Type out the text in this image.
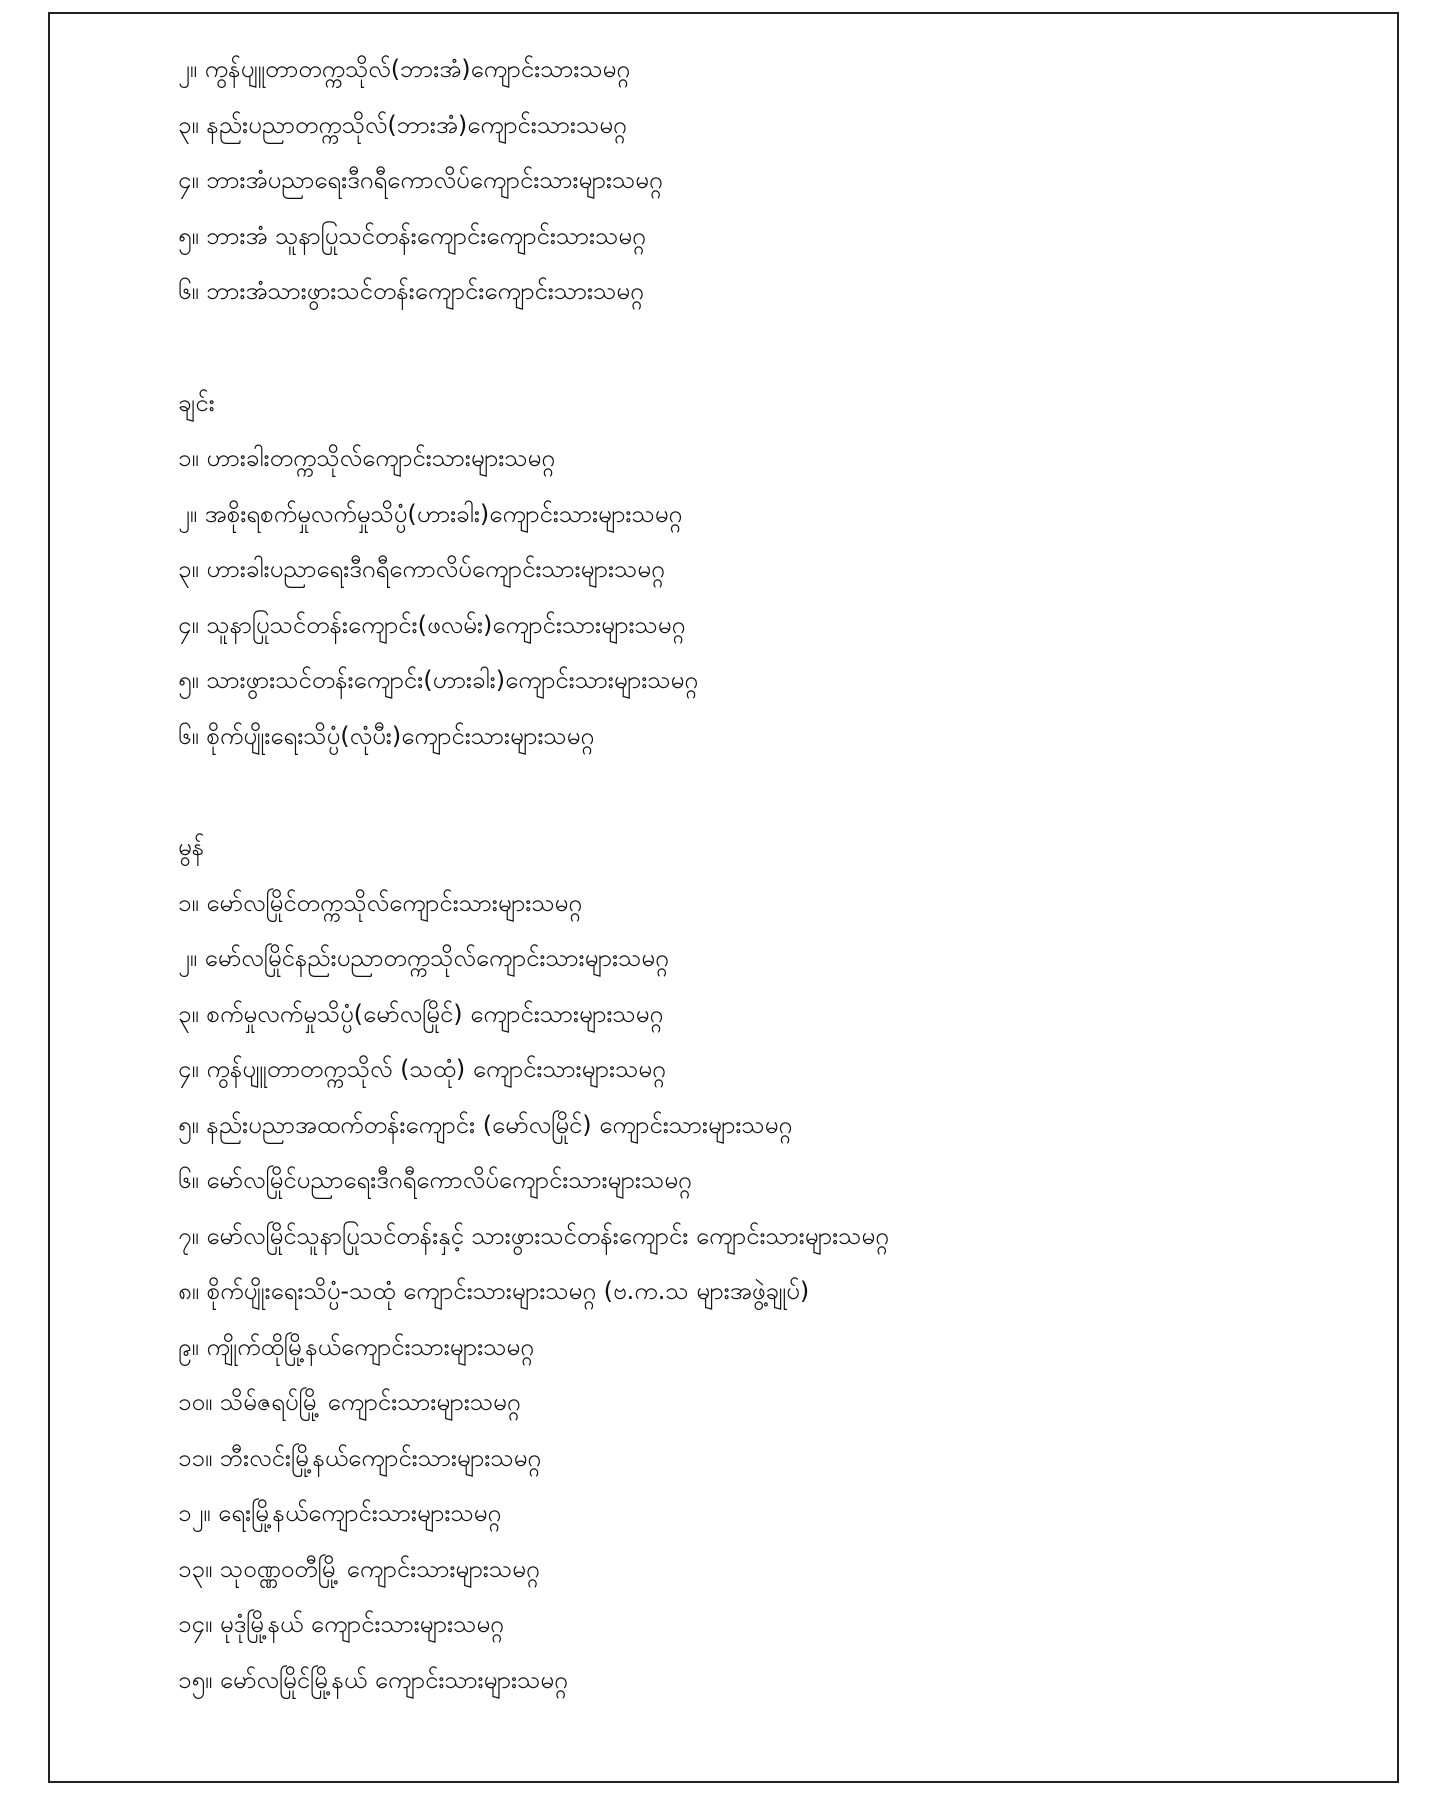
၂။ ကွန်ပျူတာတက္ကသိုလ်(ဘားအံ)ကျောင်းသားသမဂ္ဂ
၃။ နည်းပညာတက္ကသိုလ်(ဘားအံ)ကျောင်းသားသမဂ္ဂ
၄။ ဘားအံပညာရေးဒီဂရီကောလိပ်ကျောင်းသားများသမဂ္ဂ
၅။ ဘားအံ သူနာပြုသင်တန်းကျောင်းကျောင်းသားသမဂ္ဂ
၆။ ဘားအံသားဖွားသင်တန်းကျောင်းကျောင်းသားသမဂ္ဂ
ချင်း
၁။ ဟားခါးတက္ကသိုလ်ကျောင်းသားများသမဂ္ဂ
၂။ အစိုးရစက်မှုလက်မှုသိပ္ပံ(ဟားခါး)ကျောင်းသားများသမဂ္ဂ
၃။ ဟားခါးပညာရေးဒီဂရီကောလိပ်ကျောင်းသားများသမဂ္ဂ
၄။ သူနာပြုသင်တန်းကျောင်း(ဖလမ်း)ကျောင်းသားများသမဂ္ဂ
၅။ သားဖွားသင်တန်းကျောင်း(ဟားခါး)ကျောင်းသားများသမဂ္ဂ
၆။ စိုက်ပျိုးရေးသိပ္ပံ(လုံပီး)ကျောင်းသားများသမဂ္ဂ
မွန်
၁။ မော်လမြိုင်တက္ကသိုလ်ကျောင်းသားများသမဂ္ဂ
၂။ မော်လမြိုင်နည်းပညာတက္ကသိုလ်ကျောင်းသားများသမဂ္ဂ
၃။ စက်မှုလက်မှုသိပ္ပံ(မော်လမြိုင်) ကျောင်းသားများသမဂ္ဂ
၄။ ကွန်ပျူတာတက္ကသိုလ် (သထုံ) ကျောင်းသားများသမဂ္ဂ
၅။ နည်းပညာအထက်တန်းကျောင်း (မော်လမြိုင်) ကျောင်းသားများသမဂ္ဂ
၆။ မော်လမြိုင်ပညာရေးဒီဂရီကောလိပ်ကျောင်းသားများသမဂ္ဂ
၇။ မော်လမြိုင်သူနာပြုသင်တန်းနှင့် သားဖွားသင်တန်းကျောင်း ကျောင်းသားများသမဂ္ဂ
၈။ စိုက်ပျိုးရေးသိပ္ပံ-သထုံ ကျောင်းသားများသမဂ္ဂ (ဗ.က.သ များအဖွဲ့ချုပ်)
၉။ ကျိုက်ထိုမြို့နယ်ကျောင်းသားများသမဂ္ဂ
၁၀။ သိမ်ဇရပ်မြို့ ကျောင်းသားများသမဂ္ဂ
၁၁။ ဘီးလင်းမြို့နယ်ကျောင်းသားများသမဂ္ဂ
၁၂။ ရေးမြို့နယ်ကျောင်းသားများသမဂ္ဂ
၁၃။ သုဝဏ္ဏဝတီမြို့ ကျောင်းသားများသမဂ္ဂ
၁၄။ မုဒုံမြို့နယ် ကျောင်းသားများသမဂ္ဂ
၁၅။ မော်လမြိုင်မြို့နယ် ကျောင်းသားများသမဂ္ဂ
